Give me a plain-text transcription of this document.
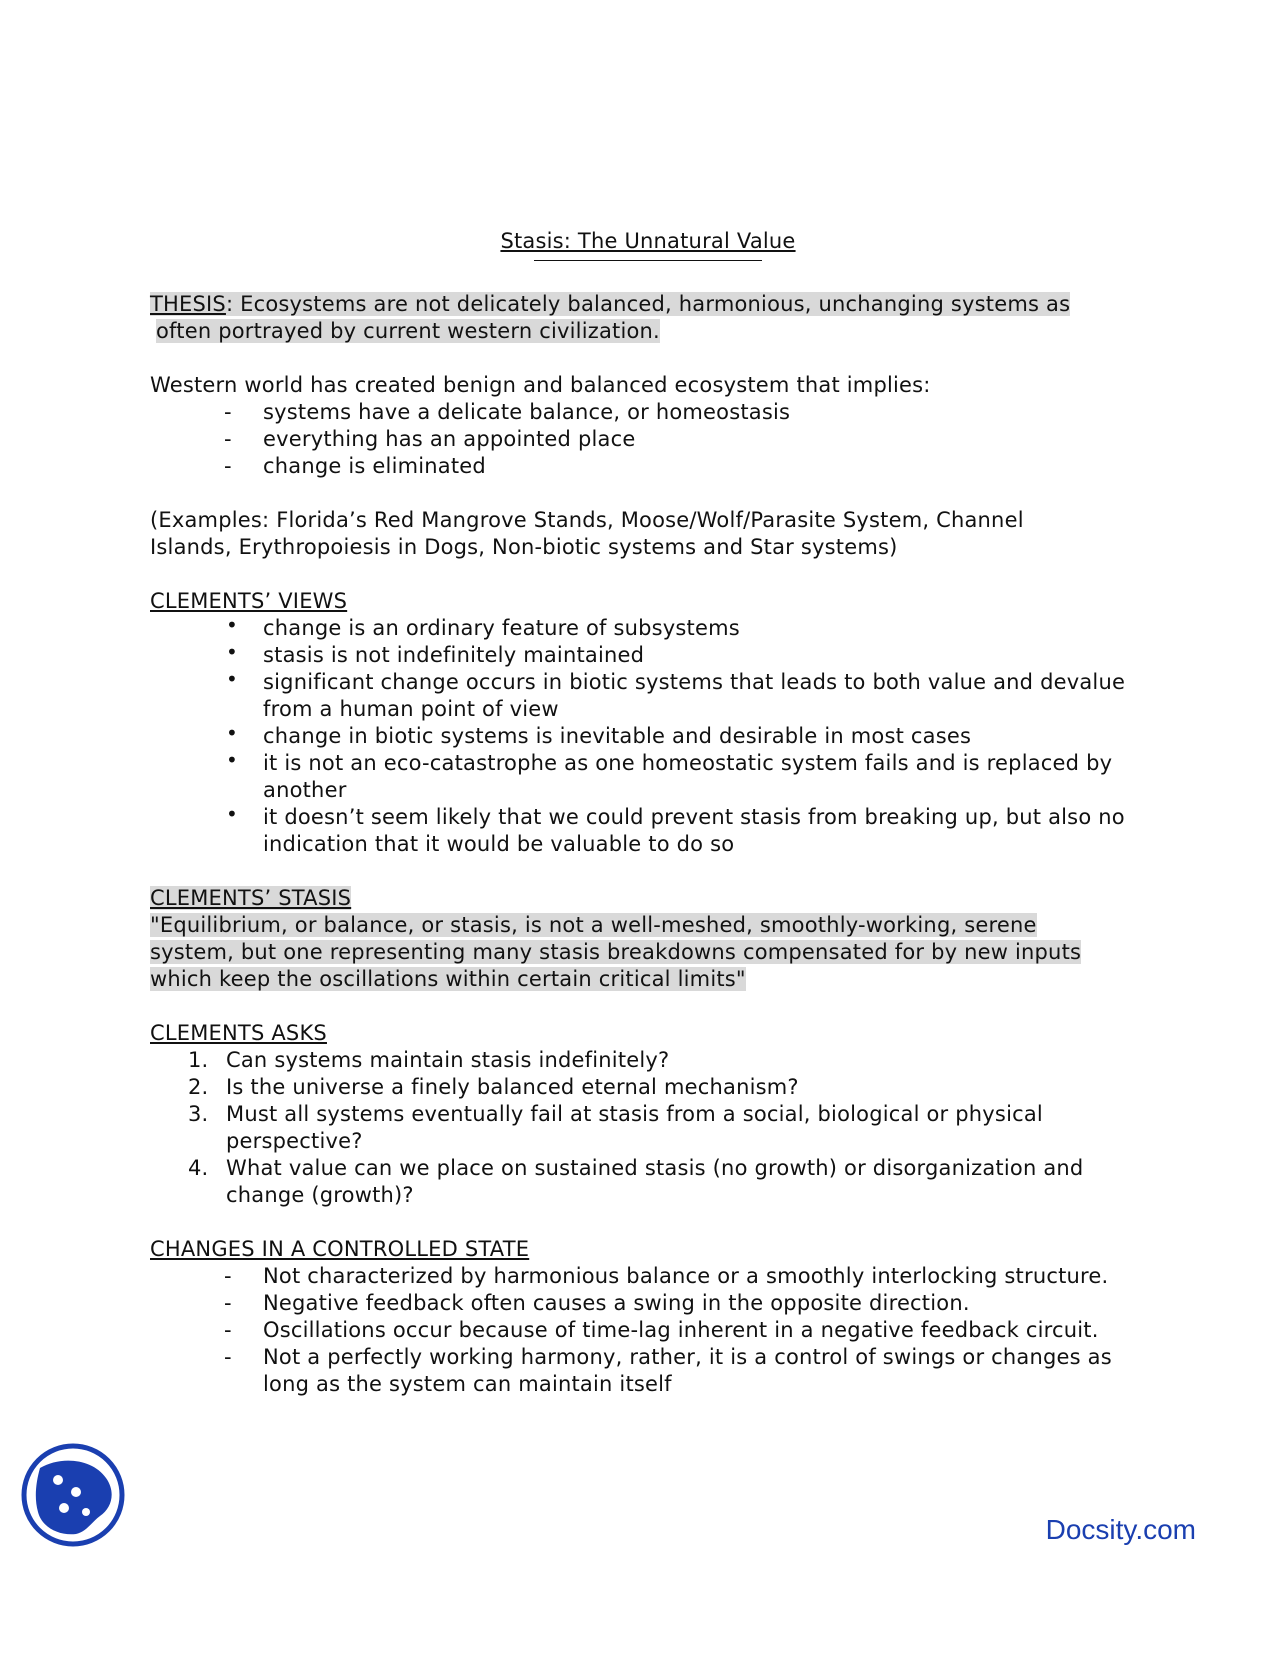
Stasis: The Unnatural Value
THESIS: Ecosystems are not delicately balanced, harmonious, unchanging systems as
often portrayed by current western civilization.

Western world has created benign and balanced ecosystem that implies:

- systems have a delicate balance, or homeostasis
- everything has an appointed place
- change is eliminated

(Examples: Florida’s Red Mangrove Stands, Moose/Wolf/Parasite System, Channel

Islands, Erythropoiesis in Dogs, Non-biotic systems and Star systems)

CLEMENTS’ VIEWS

• change is an ordinary feature of subsystems
• stasis is not indefinitely maintained
• significant change occurs in biotic systems that leads to both value and devalue from a human point of view
• change in biotic systems is inevitable and desirable in most cases
• it is not an eco-catastrophe as one homeostatic system fails and is replaced by another
• it doesn’t seem likely that we could prevent stasis from breaking up, but also no indication that it would be valuable to do so

CLEMENTS’ STASIS

"Equilibrium, or balance, or stasis, is not a well-meshed, smoothly-working, serene

system, but one representing many stasis breakdowns compensated for by new inputs

which keep the oscillations within certain critical limits"

CLEMENTS ASKS

1. Can systems maintain stasis indefinitely?
2. Is the universe a finely balanced eternal mechanism?
3. Must all systems eventually fail at stasis from a social, biological or physical perspective?
4. What value can we place on sustained stasis (no growth) or disorganization and change (growth)?

CHANGES IN A CONTROLLED STATE

- Not characterized by harmonious balance or a smoothly interlocking structure.
- Negative feedback often causes a swing in the opposite direction.
- Oscillations occur because of time-lag inherent in a negative feedback circuit.
- Not a perfectly working harmony, rather, it is a control of swings or changes as long as the system can maintain itself
Docsity.com
